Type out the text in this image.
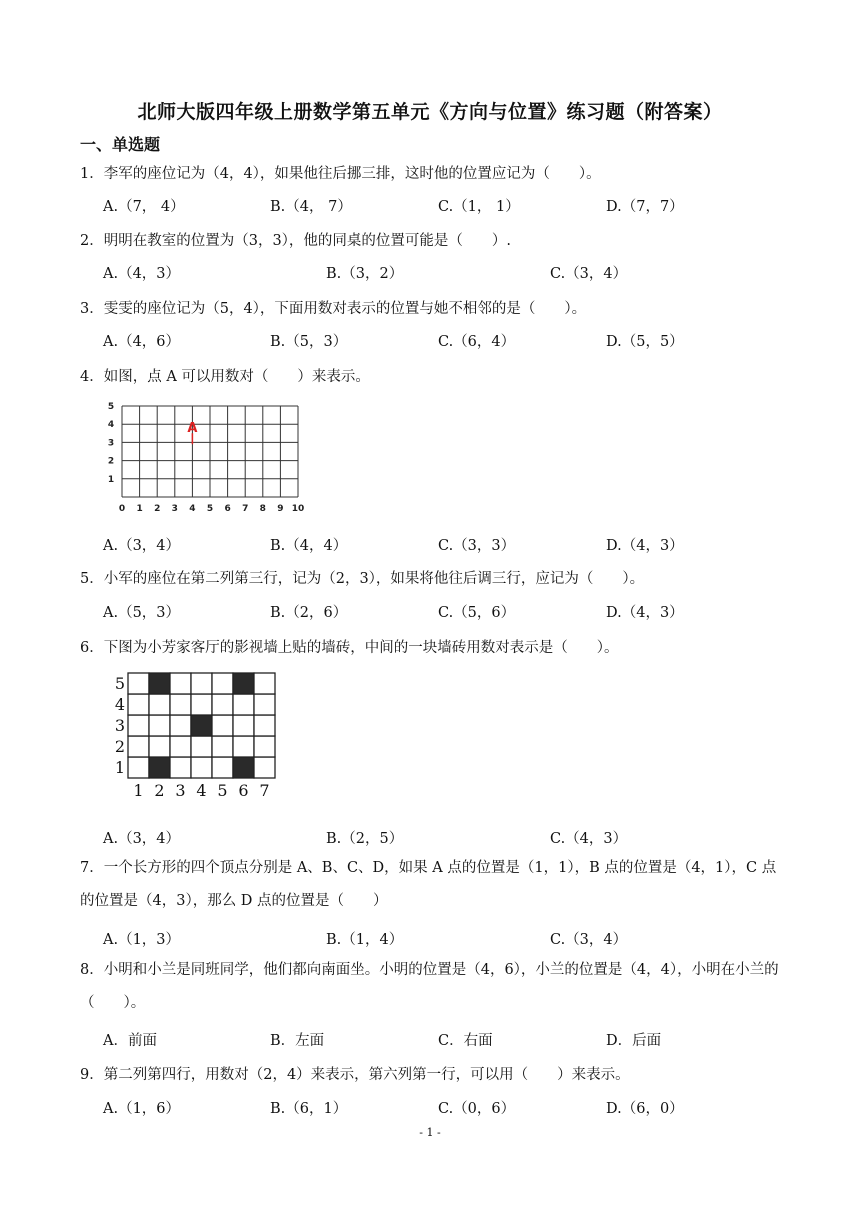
北师大版四年级上册数学第五单元《方向与位置》练习题（附答案）
一、单选题
1．李军的座位记为（4，4），如果他往后挪三排，这时他的位置应记为（　　）。
A.（7， 4）	B.（4， 7）	C.（1， 1）	D.（7，7）
2．明明在教室的位置为（3，3），他的同桌的位置可能是（　　）.
A.（4，3）	B.（3，2）	C.（3，4）
3．雯雯的座位记为（5，4），下面用数对表示的位置与她不相邻的是（　　）。
A.（4，6）	B.（5，3）	C.（6，4）	D.（5，5）
4．如图，点 A 可以用数对（　　）来表示。
0 1 2 3 4 5 6 7 8 9 10
1
2
3
4
5
A
A.（3，4）	B.（4，4）	C.（3，3）	D.（4，3）
5．小军的座位在第二列第三行，记为（2，3），如果将他往后调三行，应记为（　　）。
A.（5，3）	B.（2，6）	C.（5，6）	D.（4，3）
6．下图为小芳家客厅的影视墙上贴的墙砖，中间的一块墙砖用数对表示是（　　）。
1 2 3 4 5 6 7
1
2
3
4
5
A.（3，4）	B.（2，5）	C.（4，3）
7．一个长方形的四个顶点分别是 A、B、C、D，如果 A 点的位置是（1，1），B 点的位置是（4，1），C 点的位置是（4，3），那么 D 点的位置是（　　）
A.（1，3）	B.（1，4）	C.（3，4）
8．小明和小兰是同班同学，他们都向南面坐。小明的位置是（4，6），小兰的位置是（4，4），小明在小兰的（　　）。
A．前面	B．左面	C．右面	D．后面
9．第二列第四行，用数对（2，4）来表示，第六列第一行，可以用（　　）来表示。
A.（1，6）	B.（6，1）	C.（0，6）	D.（6，0）
- 1 -
